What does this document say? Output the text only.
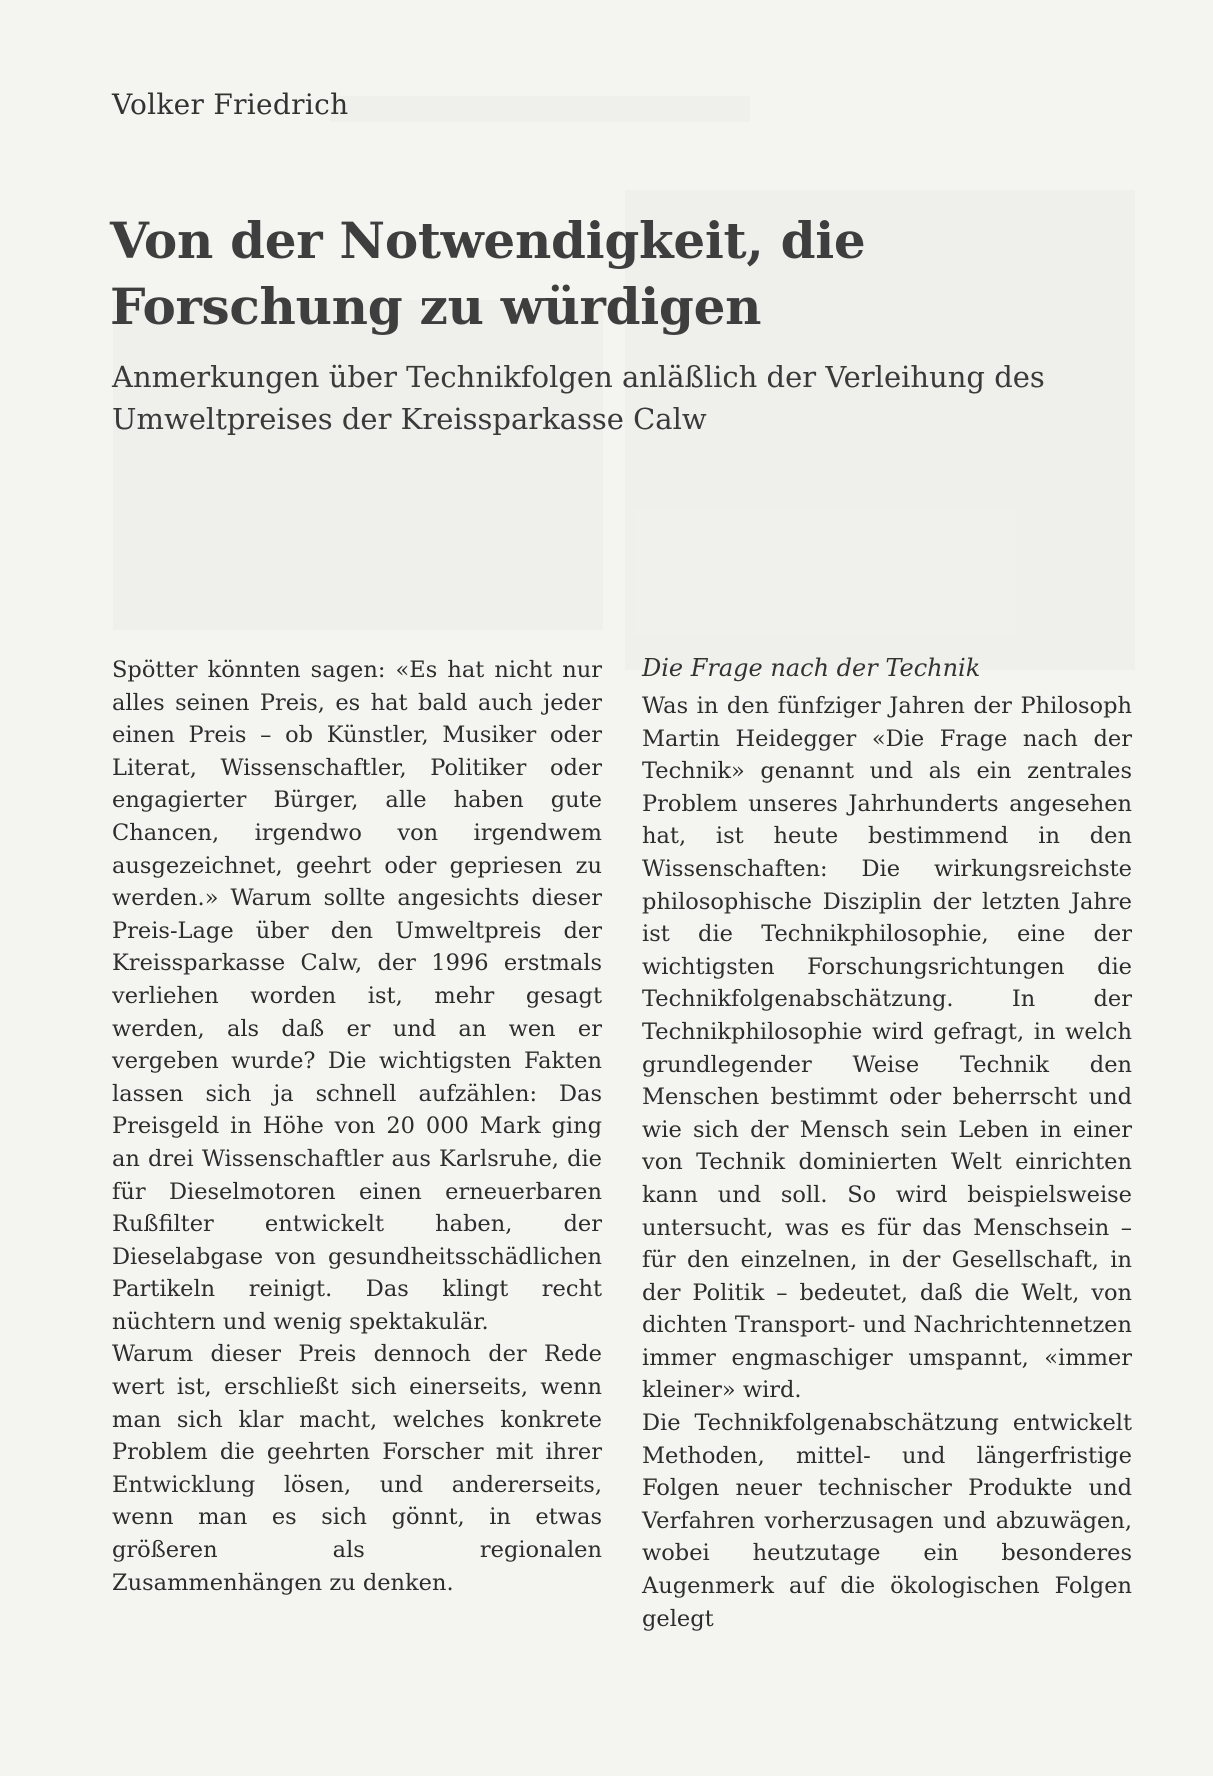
Volker Friedrich
Von der Notwendigkeit, die Forschung zu würdigen
Anmerkungen über Technikfolgen anläßlich der Verleihung des Umweltpreises der Kreissparkasse Calw

Spötter könnten sagen: «Es hat nicht nur alles seinen Preis, es hat bald auch jeder einen Preis – ob Künstler, Musiker oder Literat, Wissenschaftler, Politiker oder engagierter Bürger, alle haben gute Chancen, irgendwo von irgendwem ausgezeichnet, geehrt oder gepriesen zu werden.» Warum sollte angesichts dieser Preis-Lage über den Umweltpreis der Kreissparkasse Calw, der 1996 erstmals verliehen worden ist, mehr gesagt werden, als daß er und an wen er vergeben wurde? Die wichtigsten Fakten lassen sich ja schnell aufzählen: Das Preisgeld in Höhe von 20 000 Mark ging an drei Wissenschaftler aus Karlsruhe, die für Dieselmotoren einen erneuerbaren Rußfilter entwickelt haben, der Dieselabgase von gesundheitsschädlichen Partikeln reinigt. Das klingt recht nüchtern und wenig spektakulär.

Warum dieser Preis dennoch der Rede wert ist, erschließt sich einerseits, wenn man sich klar macht, welches konkrete Problem die geehrten Forscher mit ihrer Entwicklung lösen, und andererseits, wenn man es sich gönnt, in etwas größeren als regionalen Zusammenhängen zu denken.

Die Frage nach der Technik

Was in den fünfziger Jahren der Philosoph Martin Heidegger «Die Frage nach der Technik» genannt und als ein zentrales Problem unseres Jahrhunderts angesehen hat, ist heute bestimmend in den Wissenschaften: Die wirkungsreichste philosophische Disziplin der letzten Jahre ist die Technikphilosophie, eine der wichtigsten Forschungsrichtungen die Technikfolgenabschätzung. In der Technikphilosophie wird gefragt, in welch grundlegender Weise Technik den Menschen bestimmt oder beherrscht und wie sich der Mensch sein Leben in einer von Technik dominierten Welt einrichten kann und soll. So wird beispielsweise untersucht, was es für das Menschsein – für den einzelnen, in der Gesellschaft, in der Politik – bedeutet, daß die Welt, von dichten Transport- und Nachrichtennetzen immer engmaschiger umspannt, «immer kleiner» wird.

Die Technikfolgenabschätzung entwickelt Methoden, mittel- und längerfristige Folgen neuer technischer Produkte und Verfahren vorherzusagen und abzuwägen, wobei heutzutage ein besonderes Augenmerk auf die ökologischen Folgen gelegt
